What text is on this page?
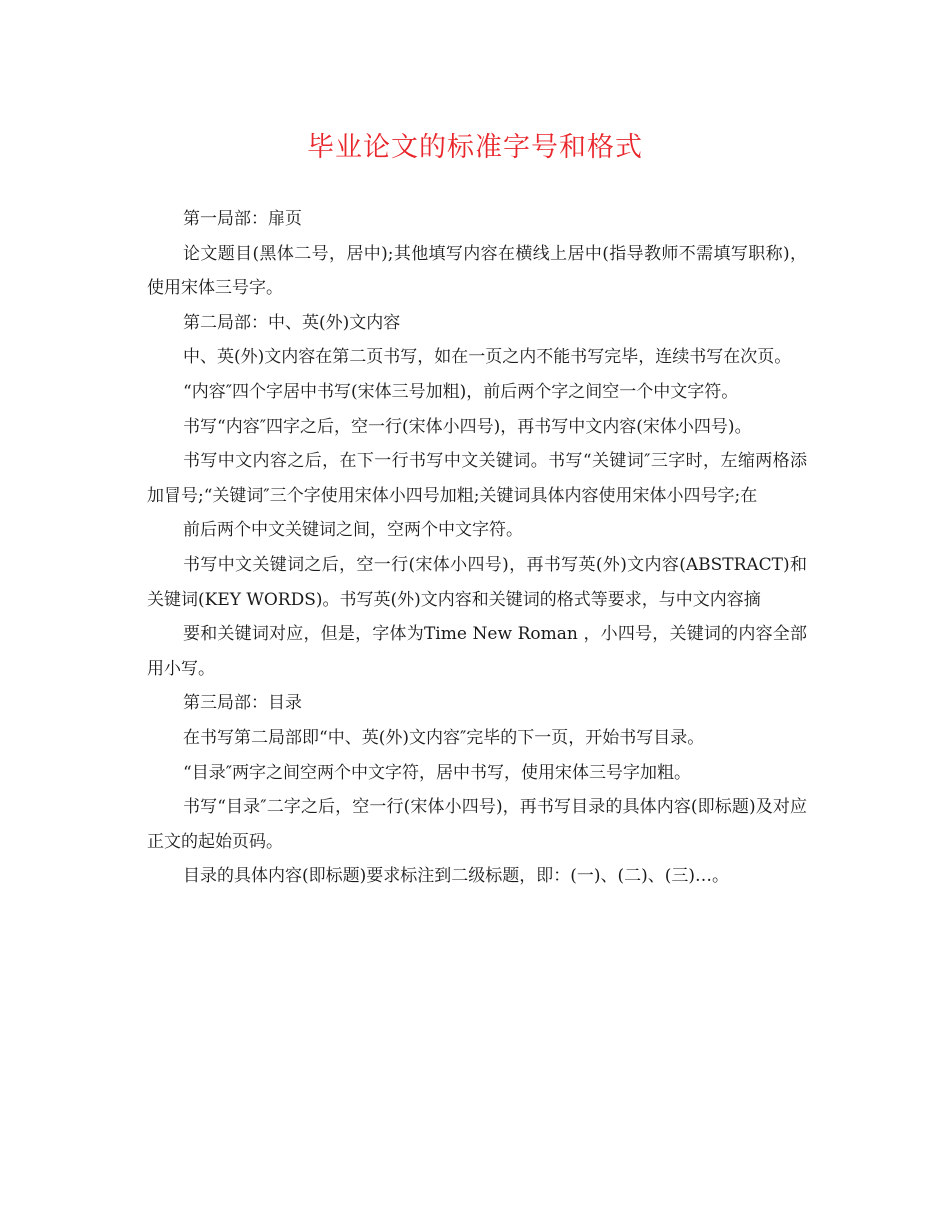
毕业论文的标准字号和格式

第一局部：扉页

论文题目(黑体二号，居中);其他填写内容在横线上居中(指导教师不需填写职称)，使用宋体三号字。

第二局部：中、英(外)文内容

中、英(外)文内容在第二页书写，如在一页之内不能书写完毕，连续书写在次页。

“内容″四个字居中书写(宋体三号加粗)，前后两个字之间空一个中文字符。

书写“内容″四字之后，空一行(宋体小四号)，再书写中文内容(宋体小四号)。

书写中文内容之后，在下一行书写中文关键词。书写“关键词″三字时，左缩两格添加冒号;“关键词″三个字使用宋体小四号加粗;关键词具体内容使用宋体小四号字;在

前后两个中文关键词之间，空两个中文字符。

书写中文关键词之后，空一行(宋体小四号)，再书写英(外)文内容(ABSTRACT)和关键词(KEY WORDS)。书写英(外)文内容和关键词的格式等要求，与中文内容摘

要和关键词对应，但是，字体为Time New Roman ，小四号，关键词的内容全部用小写。

第三局部：目录

在书写第二局部即“中、英(外)文内容″完毕的下一页，开始书写目录。

“目录″两字之间空两个中文字符，居中书写，使用宋体三号字加粗。

书写“目录″二字之后，空一行(宋体小四号)，再书写目录的具体内容(即标题)及对应正文的起始页码。

目录的具体内容(即标题)要求标注到二级标题，即：(一)、(二)、(三)…。
